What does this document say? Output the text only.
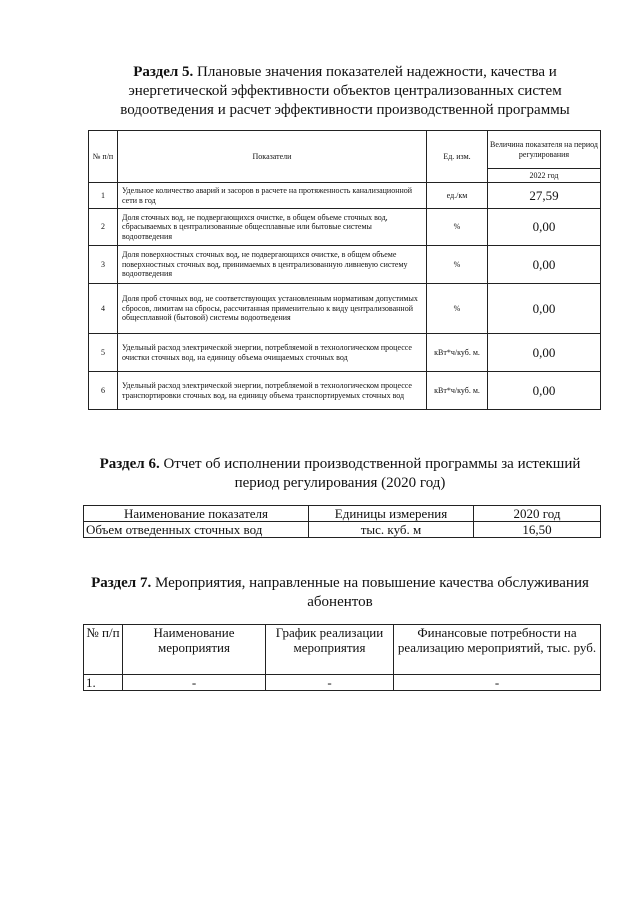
Раздел 5. Плановые значения показателей надежности, качества и энергетической эффективности объектов централизованных систем водоотведения и расчет эффективности производственной программы
№ п/п	Показатели	Ед. изм.	Величина показателя на период регулирования
			2022 год
1	Удельное количество аварий и засоров в расчете на протяженность канализационной сети в год	ед./км	27,59
2	Доля сточных вод, не подвергающихся очистке, в общем объеме сточных вод, сбрасываемых в централизованные общесплавные или бытовые системы водоотведения	%	0,00
3	Доля поверхностных сточных вод, не подвергающихся очистке, в общем объеме поверхностных сточных вод, принимаемых в централизованную ливневую систему водоотведения	%	0,00
4	Доля проб сточных вод, не соответствующих установленным нормативам допустимых сбросов, лимитам на сбросы, рассчитанная применительно к виду централизованной общесплавной (бытовой) системы водоотведения	%	0,00
5	Удельный расход электрической энергии, потребляемой в технологическом процессе очистки сточных вод, на единицу объема очищаемых сточных вод	кВт*ч/куб. м.	0,00
6	Удельный расход электрической энергии, потребляемой в технологическом процессе транспортировки сточных вод, на единицу объема транспортируемых сточных вод	кВт*ч/куб. м.	0,00
Раздел 6. Отчет об исполнении производственной программы за истекший период регулирования (2020 год)
Наименование показателя	Единицы измерения	2020 год
Объем отведенных сточных вод	тыс. куб. м	16,50
Раздел 7. Мероприятия, направленные на повышение качества обслуживания абонентов
№ п/п	Наименование мероприятия	График реализации мероприятия	Финансовые потребности на реализацию мероприятий, тыс. руб.
1.	-	-	-
